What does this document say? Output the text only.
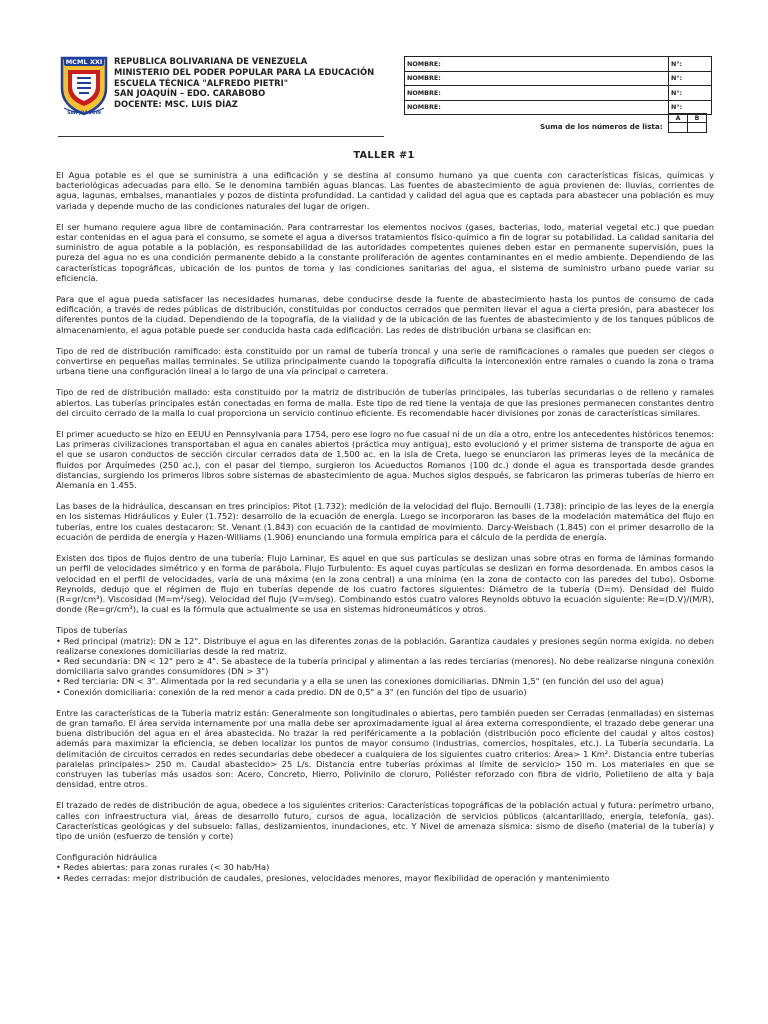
MCML XXI
SAN JOAQUIN
REPUBLICA BOLIVARIANA DE VENEZUELA
MINISTERIO DEL PODER POPULAR PARA LA EDUCACIÓN
ESCUELA TÉCNICA "ALFREDO PIETRI"
SAN JOAQUÍN – EDO. CARABOBO
DOCENTE: MSC. LUIS DÍAZ
NOMBRE:	N°:
NOMBRE:	N°:
NOMBRE:	N°:
NOMBRE:	N°:
Suma de los números de lista:
A	B

TALLER #1

El Agua potable es el que se suministra a una edificación y se destina al consumo humano ya que cuenta con características físicas, químicas y bacteriológicas adecuadas para ello. Se le denomina también aguas blancas. Las fuentes de abastecimiento de agua provienen de: lluvias, corrientes de agua, lagunas, embalses, manantiales y pozos de distinta profundidad. La cantidad y calidad del agua que es captada para abastecer una población es muy variada y depende mucho de las condiciones naturales del lugar de origen.

El ser humano requiere agua libre de contaminación. Para contrarrestar los elementos nocivos (gases, bacterias, lodo, material vegetal etc.) que puedan estar contenidas en el agua para el consumo, se somete el agua a diversos tratamientos físico-químico a fin de lograr su potabilidad. La calidad sanitaria del suministro de agua potable a la población, es responsabilidad de las autoridades competentes quienes deben estar en permanente supervisión, pues la pureza del agua no es una condición permanente debido a la constante proliferación de agentes contaminantes en el medio ambiente. Dependiendo de las características topográficas, ubicación de los puntos de toma y las condiciones sanitarias del agua, el sistema de suministro urbano puede variar su eficiencia.

Para que el agua pueda satisfacer las necesidades humanas, debe conducirse desde la fuente de abastecimiento hasta los puntos de consumo de cada edificación, a través de redes públicas de distribución, constituidas por conductos cerrados que permiten llevar el agua a cierta presión, para abastecer los diferentes puntos de la ciudad. Dependiendo de la topografía, de la vialidad y de la ubicación de las fuentes de abastecimiento y de los tanques públicos de almacenamiento, el agua potable puede ser conducida hasta cada edificación. Las redes de distribución urbana se clasifican en:

Tipo de red de distribución ramificado: esta constituido por un ramal de tubería troncal y una serie de ramificaciones o ramales que pueden ser ciegos o convertirse en pequeñas mallas terminales. Se utiliza principalmente cuando la topografía dificulta la interconexión entre ramales o cuando la zona o trama urbana tiene una configuración lineal a lo largo de una vía principal o carretera.

Tipo de red de distribución mallado: esta constituido por la matriz de distribución de tuberías principales, las tuberías secundarias o de relleno y ramales abiertos. Las tuberías principales están conectadas en forma de malla. Este tipo de red tiene la ventaja de que las presiones permanecen constantes dentro del circuito cerrado de la malla lo cual proporciona un servicio continuo eficiente. Es recomendable hacer divisiones por zonas de características similares.

El primer acueducto se hizo en EEUU en Pennsylvania para 1754, pero ese logro no fue casual ni de un día a otro, entre los antecedentes históricos tenemos: Las primeras civilizaciones transportaban el agua en canales abiertos (práctica muy antigua), esto evolucionó y el primer sistema de transporte de agua en el que se usaron conductos de sección circular cerrados data de 1.500 ac. en la isla de Creta, luego se enunciaron las primeras leyes de la mecánica de fluidos por Arquímedes (250 ac.), con el pasar del tiempo, surgieron los Acueductos Romanos (100 dc.) donde el agua es transportada desde grandes distancias, surgiendo los primeros libros sobre sistemas de abastecimiento de agua. Muchos siglos después, se fabricaron las primeras tuberías de hierro en Alemania en 1.455.

Las bases de la hidráulica, descansan en tres principios: Pitot (1.732): medición de la velocidad del flujo. Bernoulli (1.738): principio de las leyes de la energía en los sistemas Hidráulicos y Euler (1.752): desarrollo de la ecuación de energía. Luego se incorporaron las bases de la modelación matemática del flujo en tuberías, entre los cuales destacaron: St. Venant (1.843) con ecuación de la cantidad de movimiento. Darcy-Weisbach (1.845) con el primer desarrollo de la ecuación de perdida de energía y Hazen-Williams (1.906) enunciando una formula empírica para el cálculo de la perdida de energía.

Existen dos tipos de flujos dentro de una tubería: Flujo Laminar, Es aquel en que sus partículas se deslizan unas sobre otras en forma de láminas formando un perfil de velocidades simétrico y en forma de parábola. Flujo Turbulento: Es aquel cuyas partículas se deslizan en forma desordenada. En ambos casos la velocidad en el perfil de velocidades, varía de una máxima (en la zona central) a una mínima (en la zona de contacto con las paredes del tubo). Osborne Reynolds, dedujo que el régimen de flujo en tuberías depende de los cuatro factores siguientes: Diámetro de la tubería (D=m). Densidad del fluido (R=gr/cm³). Viscosidad (M=m²/seg). Velocidad del flujo (V=m/seg). Combinando estos cuatro valores Reynolds obtuvo la ecuación siguiente: Re=(D.V)/(M/R), donde (Re=gr/cm³), la cual es la fórmula que actualmente se usa en sistemas hidroneumáticos y otros.

Tipos de tuberías
• Red principal (matriz): DN ≥ 12". Distribuye el agua en las diferentes zonas de la población. Garantiza caudales y presiones según norma exigida. no deben realizarse conexiones domiciliarias desde la red matriz.
• Red secundaria: DN < 12" pero ≥ 4". Se abastece de la tubería principal y alimentan a las redes terciarias (menores). No debe realizarse ninguna conexión domiciliaria salvo grandes consumidores (DN > 3")
• Red terciaria: DN < 3". Alimentada por la red secundaria y a ella se unen las conexiones domiciliarias. DNmin 1,5" (en función del uso del agua)
• Conexión domiciliaria: conexión de la red menor a cada predio. DN de 0,5" a 3" (en función del tipo de usuario)

Entre las características de la Tubería matriz están: Generalmente son longitudinales o abiertas, pero también pueden ser Cerradas (enmalladas) en sistemas de gran tamaño. El área servida internamente por una malla debe ser aproximadamente igual al área externa correspondiente, el trazado debe generar una buena distribución del agua en el área abastecida. No trazar la red periféricamente a la población (distribución poco eficiente del caudal y altos costos) además para maximizar la eficiencia, se deben localizar los puntos de mayor consumo (industrias, comercios, hospitales, etc.). La Tubería secundaria. La delimitación de circuitos cerrados en redes secundarias debe obedecer a cualquiera de los siguientes cuatro criterios: Área> 1 Km². Distancia entre tuberías paralelas principales> 250 m. Caudal abastecido> 25 L/s. Distancia entre tuberías próximas al límite de servicio> 150 m. Los materiales en que se construyen las tuberías más usados son: Acero, Concreto, Hierro, Polivinilo de cloruro, Poliéster reforzado con fibra de vidrio, Polietileno de alta y baja densidad, entre otros.

El trazado de redes de distribución de agua, obedece a los siguientes criterios: Características topográficas de la población actual y futura: perímetro urbano, calles con infraestructura vial, áreas de desarrollo futuro, cursos de agua, localización de servicios públicos (alcantarillado, energía, telefonía, gas). Características geológicas y del subsuelo: fallas, deslizamientos, inundaciones, etc. Y Nivel de amenaza sísmica: sismo de diseño (material de la tubería) y tipo de unión (esfuerzo de tensión y corte)

Configuración hidráulica
• Redes abiertas: para zonas rurales (< 30 hab/Ha)
• Redes cerradas: mejor distribución de caudales, presiones, velocidades menores, mayor flexibilidad de operación y mantenimiento
